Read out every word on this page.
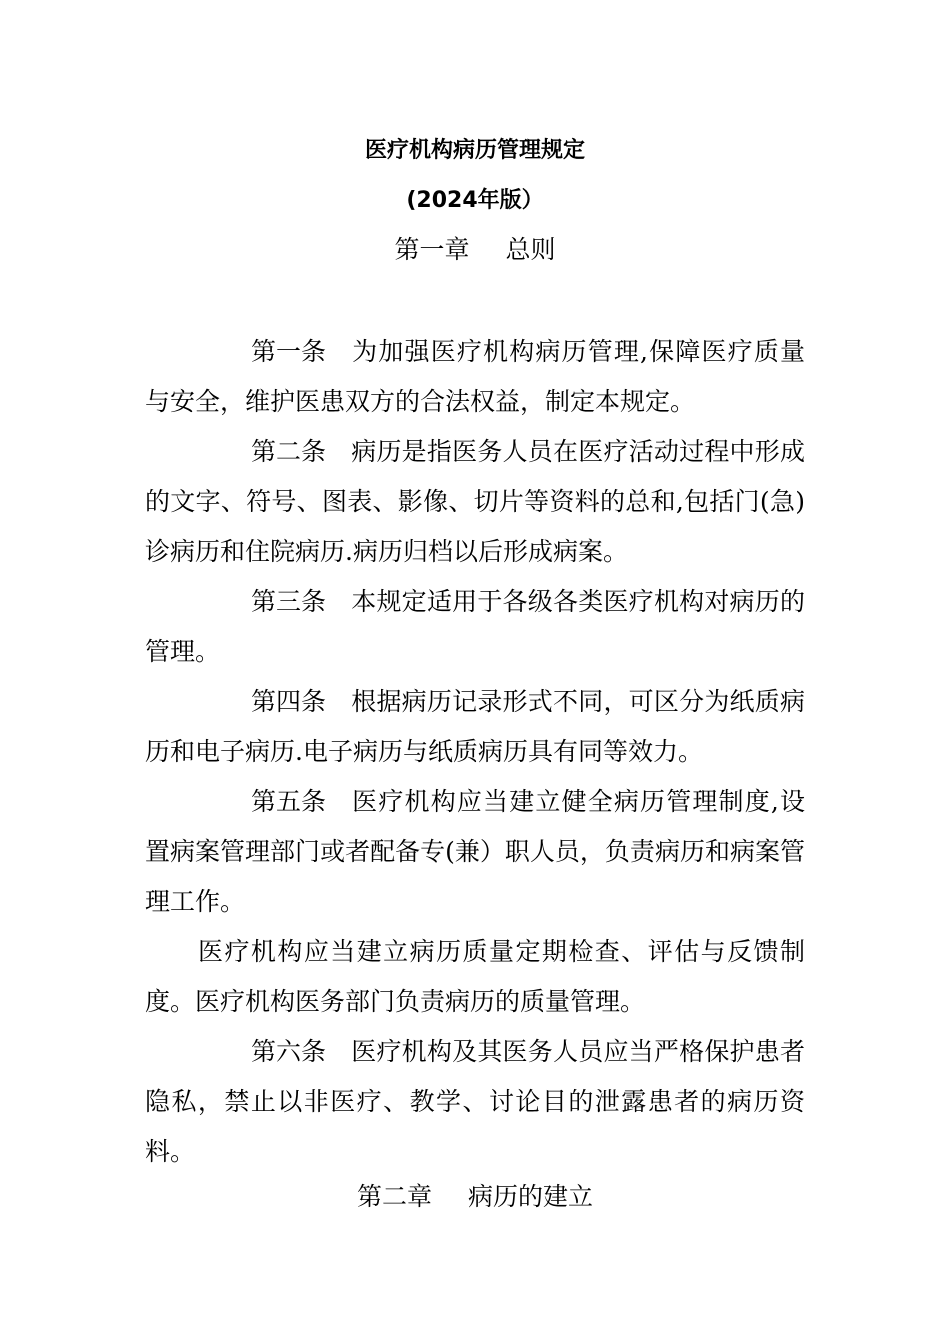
医疗机构病历管理规定
(2024年版）
第一章 总则

第一条 为加强医疗机构病历管理,保障医疗质量与安全，维护医患双方的合法权益，制定本规定。

第二条 病历是指医务人员在医疗活动过程中形成的文字、符号、图表、影像、切片等资料的总和,包括门(急)诊病历和住院病历.病历归档以后形成病案。

第三条 本规定适用于各级各类医疗机构对病历的管理。

第四条 根据病历记录形式不同，可区分为纸质病历和电子病历.电子病历与纸质病历具有同等效力。

第五条 医疗机构应当建立健全病历管理制度,设置病案管理部门或者配备专(兼）职人员，负责病历和病案管理工作。

医疗机构应当建立病历质量定期检查、评估与反馈制度。医疗机构医务部门负责病历的质量管理。

第六条 医疗机构及其医务人员应当严格保护患者隐私，禁止以非医疗、教学、讨论目的泄露患者的病历资料。

第二章 病历的建立
